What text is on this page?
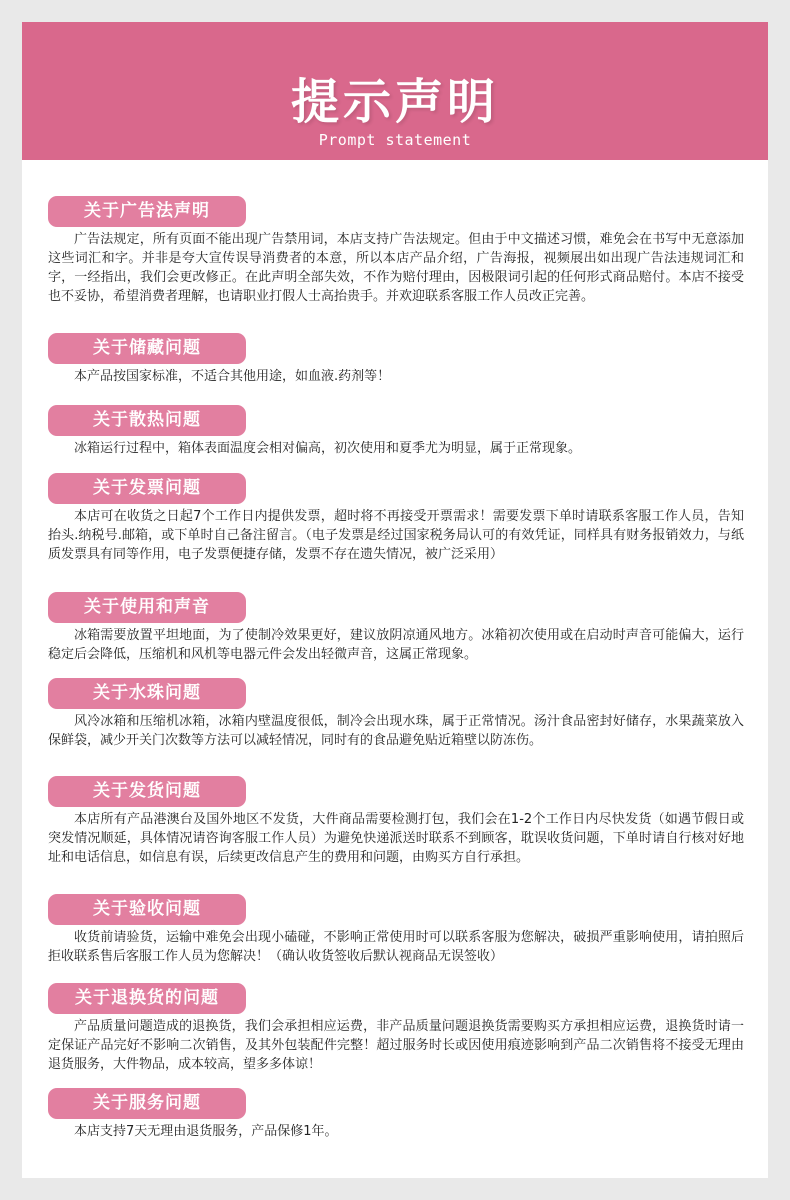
提示声明
Prompt statement
关于广告法声明

广告法规定，所有页面不能出现广告禁用词，本店支持广告法规定。但由于中文描述习惯，难免会在书写中无意添加这些词汇和字。并非是夸大宣传误导消费者的本意，所以本店产品介绍，广告海报，视频展出如出现广告法违规词汇和字，一经指出，我们会更改修正。在此声明全部失效，不作为赔付理由，因极限词引起的任何形式商品赔付。本店不接受也不妥协，希望消费者理解，也请职业打假人士高抬贵手。并欢迎联系客服工作人员改正完善。

关于储藏问题

本产品按国家标准，不适合其他用途，如血液.药剂等！

关于散热问题

冰箱运行过程中，箱体表面温度会相对偏高，初次使用和夏季尤为明显，属于正常现象。

关于发票问题

本店可在收货之日起7个工作日内提供发票，超时将不再接受开票需求！需要发票下单时请联系客服工作人员，告知抬头.纳税号.邮箱，或下单时自己备注留言。（电子发票是经过国家税务局认可的有效凭证，同样具有财务报销效力，与纸质发票具有同等作用，电子发票便捷存储，发票不存在遗失情况，被广泛采用）

关于使用和声音

冰箱需要放置平坦地面，为了使制冷效果更好，建议放阴凉通风地方。冰箱初次使用或在启动时声音可能偏大，运行稳定后会降低，压缩机和风机等电器元件会发出轻微声音，这属正常现象。

关于水珠问题

风冷冰箱和压缩机冰箱，冰箱内壁温度很低，制冷会出现水珠，属于正常情况。汤汁食品密封好储存，水果蔬菜放入保鲜袋，减少开关门次数等方法可以减轻情况，同时有的食品避免贴近箱壁以防冻伤。

关于发货问题

本店所有产品港澳台及国外地区不发货，大件商品需要检测打包，我们会在1-2个工作日内尽快发货（如遇节假日或突发情况顺延，具体情况请咨询客服工作人员）为避免快递派送时联系不到顾客，耽误收货问题，下单时请自行核对好地址和电话信息，如信息有误，后续更改信息产生的费用和问题，由购买方自行承担。

关于验收问题

收货前请验货，运输中难免会出现小磕碰，不影响正常使用时可以联系客服为您解决，破损严重影响使用，请拍照后拒收联系售后客服工作人员为您解决！（确认收货签收后默认视商品无误签收）

关于退换货的问题

产品质量问题造成的退换货，我们会承担相应运费，非产品质量问题退换货需要购买方承担相应运费，退换货时请一定保证产品完好不影响二次销售，及其外包装配件完整！超过服务时长或因使用痕迹影响到产品二次销售将不接受无理由退货服务，大件物品，成本较高，望多多体谅！

关于服务问题

本店支持7天无理由退货服务，产品保修1年。
